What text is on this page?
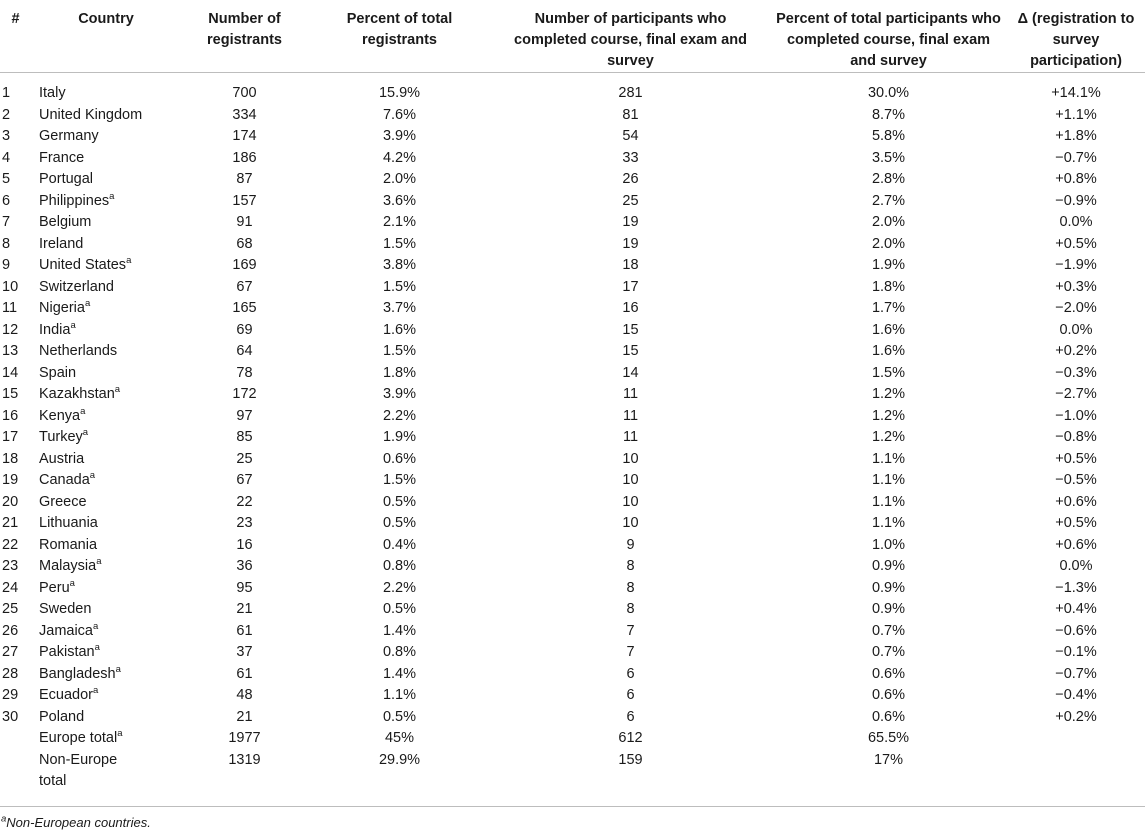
#	Country	Number of registrants	Percent of total registrants	Number of participants who completed course, final exam and survey	Percent of total participants who completed course, final exam and survey	Δ (registration to survey participation)
1	Italy	700	15.9%	281	30.0%	+14.1%
2	United Kingdom	334	7.6%	81	8.7%	+1.1%
3	Germany	174	3.9%	54	5.8%	+1.8%
4	France	186	4.2%	33	3.5%	−0.7%
5	Portugal	87	2.0%	26	2.8%	+0.8%
6	Philippines$^a$	157	3.6%	25	2.7%	−0.9%
7	Belgium	91	2.1%	19	2.0%	0.0%
8	Ireland	68	1.5%	19	2.0%	+0.5%
9	United States$^a$	169	3.8%	18	1.9%	−1.9%
10	Switzerland	67	1.5%	17	1.8%	+0.3%
11	Nigeria$^a$	165	3.7%	16	1.7%	−2.0%
12	India$^a$	69	1.6%	15	1.6%	0.0%
13	Netherlands	64	1.5%	15	1.6%	+0.2%
14	Spain	78	1.8%	14	1.5%	−0.3%
15	Kazakhstan$^a$	172	3.9%	11	1.2%	−2.7%
16	Kenya$^a$	97	2.2%	11	1.2%	−1.0%
17	Turkey$^a$	85	1.9%	11	1.2%	−0.8%
18	Austria	25	0.6%	10	1.1%	+0.5%
19	Canada$^a$	67	1.5%	10	1.1%	−0.5%
20	Greece	22	0.5%	10	1.1%	+0.6%
21	Lithuania	23	0.5%	10	1.1%	+0.5%
22	Romania	16	0.4%	9	1.0%	+0.6%
23	Malaysia$^a$	36	0.8%	8	0.9%	0.0%
24	Peru$^a$	95	2.2%	8	0.9%	−1.3%
25	Sweden	21	0.5%	8	0.9%	+0.4%
26	Jamaica$^a$	61	1.4%	7	0.7%	−0.6%
27	Pakistan$^a$	37	0.8%	7	0.7%	−0.1%
28	Bangladesh$^a$	61	1.4%	6	0.6%	−0.7%
29	Ecuador$^a$	48	1.1%	6	0.6%	−0.4%
30	Poland	21	0.5%	6	0.6%	+0.2%
	Europe total$^a$	1977	45%	612	65.5%	
	Non-Europe total	1319	29.9%	159	17%	
$^a$Non-European countries.
